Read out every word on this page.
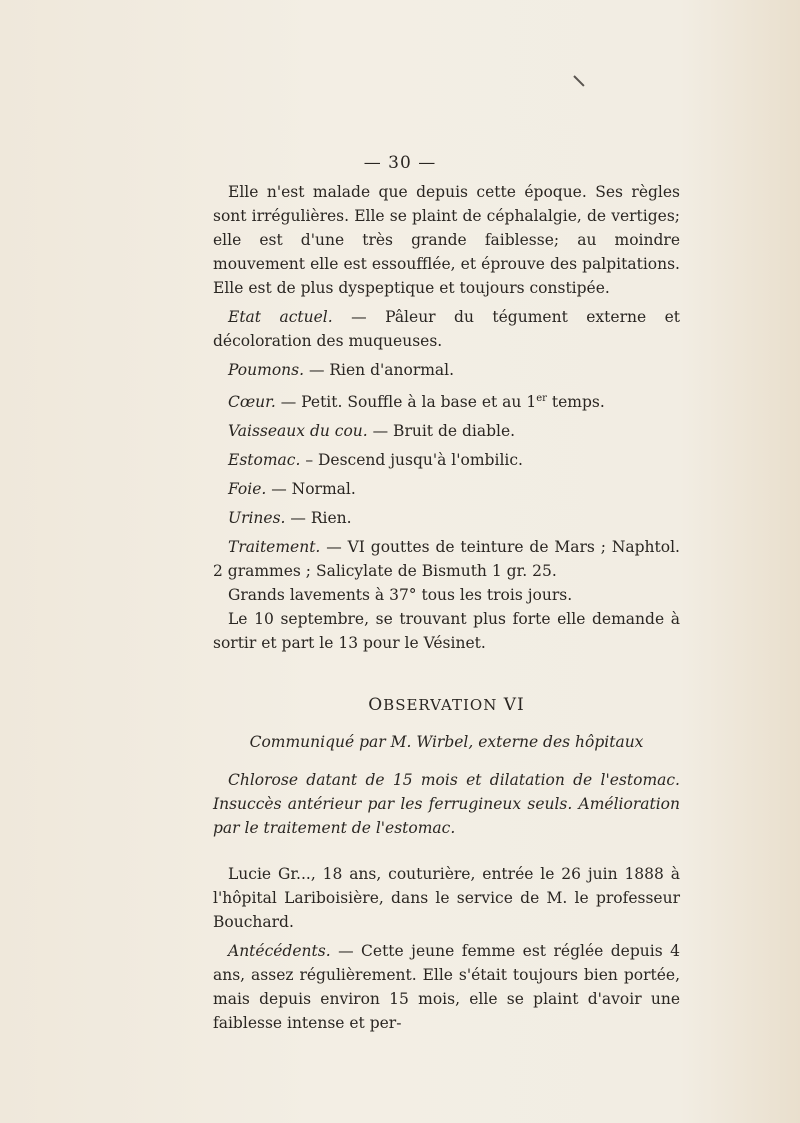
— 30 —

Elle n'est malade que depuis cette époque. Ses règles sont irrégulières. Elle se plaint de céphalalgie, de vertiges; elle est d'une très grande faiblesse; au moindre mouvement elle est essoufflée, et éprouve des palpitations. Elle est de plus dyspeptique et toujours constipée.

Etat actuel. — Pâleur du tégument externe et décoloration des muqueuses.

Poumons. — Rien d'anormal.

Cœur. — Petit. Souffle à la base et au 1er temps.

Vaisseaux du cou. — Bruit de diable.

Estomac. – Descend jusqu'à l'ombilic.

Foie. — Normal.

Urines. — Rien.

Traitement. — VI gouttes de teinture de Mars ; Naphtol. 2 grammes ; Salicylate de Bismuth 1 gr. 25.

Grands lavements à 37° tous les trois jours.

Le 10 septembre, se trouvant plus forte elle demande à sortir et part le 13 pour le Vésinet.

OBSERVATION VI
Communiqué par M. Wirbel, externe des hôpitaux

Chlorose datant de 15 mois et dilatation de l'estomac. Insuccès antérieur par les ferrugineux seuls. Amélioration par le traitement de l'estomac.

Lucie Gr..., 18 ans, couturière, entrée le 26 juin 1888 à l'hôpital Lariboisière, dans le service de M. le professeur Bouchard.

Antécédents. — Cette jeune femme est réglée depuis 4 ans, assez régulièrement. Elle s'était toujours bien portée, mais depuis environ 15 mois, elle se plaint d'avoir une faiblesse intense et per-
